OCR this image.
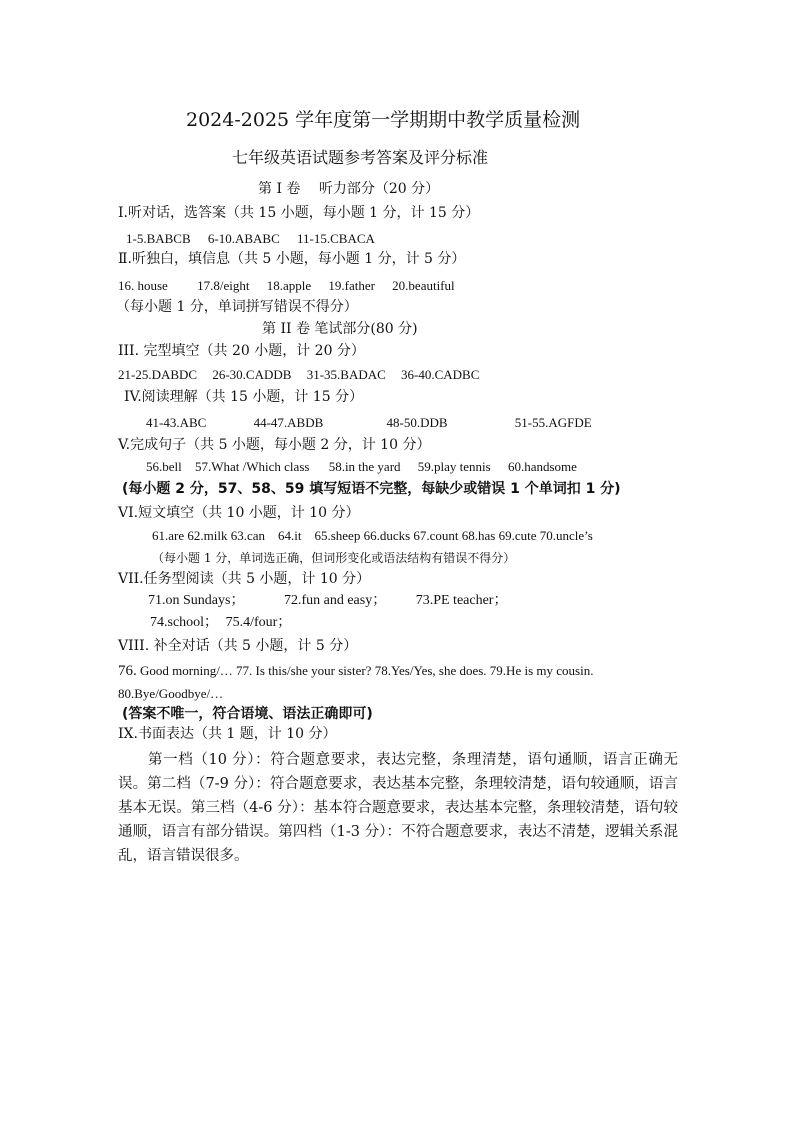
2024-2025 学年度第一学期期中教学质量检测
七年级英语试题参考答案及评分标准
第 I 卷　 听力部分（20 分）
I.听对话，选答案（共 15 小题，每小题 1 分，计 15 分）
1-5.BABCB 6-10.ABABC 11-15.CBACA
Ⅱ.听独白，填信息（共 5 小题，每小题 1 分，计 5 分）
16. house 17.8/eight 18.apple 19.father 20.beautiful
（每小题 1 分，单词拼写错误不得分）
第 II 卷 笔试部分(80 分)
III. 完型填空（共 20 小题，计 20 分）
21-25.DABDC 26-30.CADDB 31-35.BADAC 36-40.CADBC
IV.阅读理解（共 15 小题，计 15 分）
41-43.ABC	44-47.ABDB	48-50.DDB	51-55.AGFDE
V.完成句子（共 5 小题，每小题 2 分，计 10 分）
56.bell 57.What /Which class 58.in the yard 59.play tennis 60.handsome
(每小题 2 分，57、58、59 填写短语不完整，每缺少或错误 1 个单词扣 1 分)
VI.短文填空（共 10 小题，计 10 分）
61.are 62.milk 63.can　64.it　65.sheep 66.ducks 67.count 68.has 69.cute 70.uncle’s
（每小题 1 分，单词选正确，但词形变化或语法结构有错误不得分）
VII.任务型阅读（共 5 小题，计 10 分）
71.on Sundays；	72.fun and easy； 73.PE teacher；
74.school； 75.4/four；
VIII. 补全对话（共 5 小题，计 5 分）
76. Good morning/… 77. Is this/she your sister? 78.Yes/Yes, she does. 79.He is my cousin.
80.Bye/Goodbye/…
(答案不唯一，符合语境、语法正确即可)
IX.书面表达（共 1 题，计 10 分）
第一档（10 分）：符合题意要求，表达完整，条理清楚，语句通顺，语言正确无误。第二档（7-9 分）：符合题意要求，表达基本完整，条理较清楚，语句较通顺，语言基本无误。第三档（4-6 分）：基本符合题意要求，表达基本完整，条理较清楚，语句较通顺，语言有部分错误。第四档（1-3 分）：不符合题意要求，表达不清楚，逻辑关系混乱，语言错误很多。
